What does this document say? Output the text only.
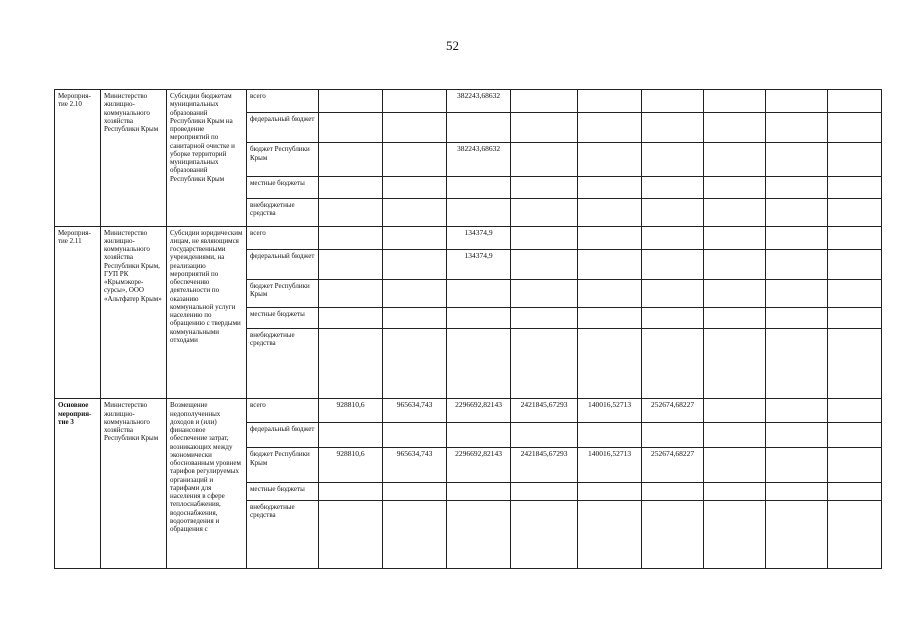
52
Мероприя-тие 2.10	Министерство жилищно-коммунального хозяйства Республики Крым	Субсидии бюджетам муниципальных образований Республики Крым на проведение мероприятий по санитарной очистке и уборке территорий муниципальных образований Республики Крым	всего			382243,68632							
			федеральный бюджет										
			бюджет Республики Крым			382243,68632							
			местные бюджеты										
			внебюджетные средства										
Мероприя-тие 2.11	Министерство жилищно-коммунального хозяйства Республики Крым, ГУП РК «Крымэкоре-сурсы», ООО «Альтфатер Крым»	Субсидии юридическим лицам, не являющимся государственными учреждениями, на реализацию мероприятий по обеспечению деятельности по оказанию коммунальной услуги населению по обращению с твердыми коммунальными отходами	всего			134374,9							
			федеральный бюджет			134374,9							
			бюджет Республики Крым										
			местные бюджеты										
			внебюджетные средства										
Основное мероприя-тие 3	Министерство жилищно-коммунального хозяйства Республики Крым	Возмещение недополученных доходов и (или) финансовое обеспечение затрат, возникающих между экономически обоснованным уровнем тарифов регулируемых организаций и тарифами для населения в сфере теплоснабжения, водоснабжения, водоотведения и обращения с	всего	928810,6	965634,743	2296692,82143	2421845,67293	140016,52713	252674,68227				
			федеральный бюджет										
			бюджет Республики Крым	928810,6	965634,743	2296692,82143	2421845,67293	140016,52713	252674,68227				
			местные бюджеты										
			внебюджетные средства										
